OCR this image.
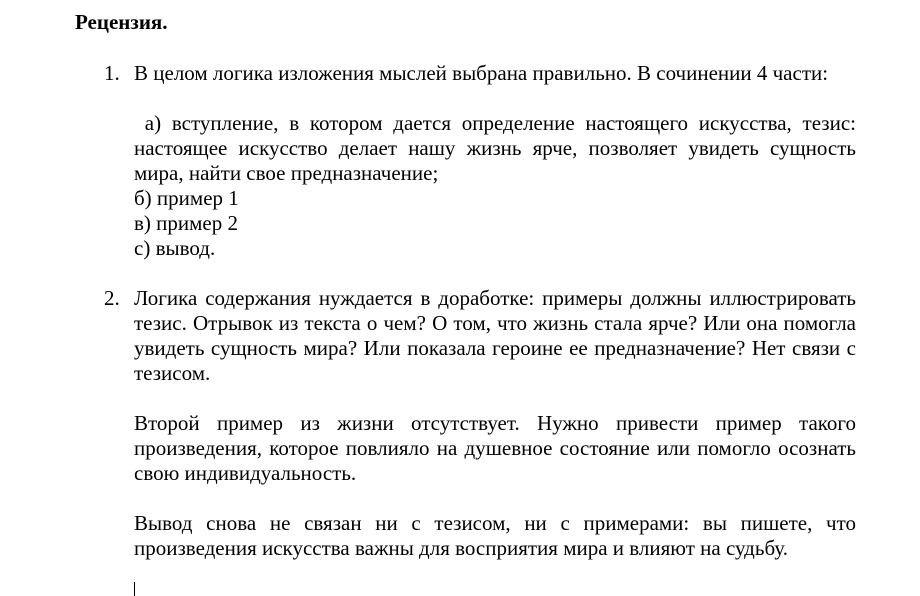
Рецензия.

1. В целом логика изложения мыслей выбрана правильно. В сочинении 4 части:

а) вступление, в котором дается определение настоящего искусства, тезис: настоящее искусство делает нашу жизнь ярче, позволяет увидеть сущность мира, найти свое предназначение;

б) пример 1
в) пример 2
с) вывод.
2. Логика содержания нуждается в доработке: примеры должны иллюстрировать тезис. Отрывок из текста о чем? О том, что жизнь стала ярче? Или она помогла увидеть сущность мира? Или показала героине ее предназначение? Нет связи с тезисом.

Второй пример из жизни отсутствует. Нужно привести пример такого произведения, которое повлияло на душевное состояние или помогло осознать свою индивидуальность.

Вывод снова не связан ни с тезисом, ни с примерами: вы пишете, что произведения искусства важны для восприятия мира и влияют на судьбу.
